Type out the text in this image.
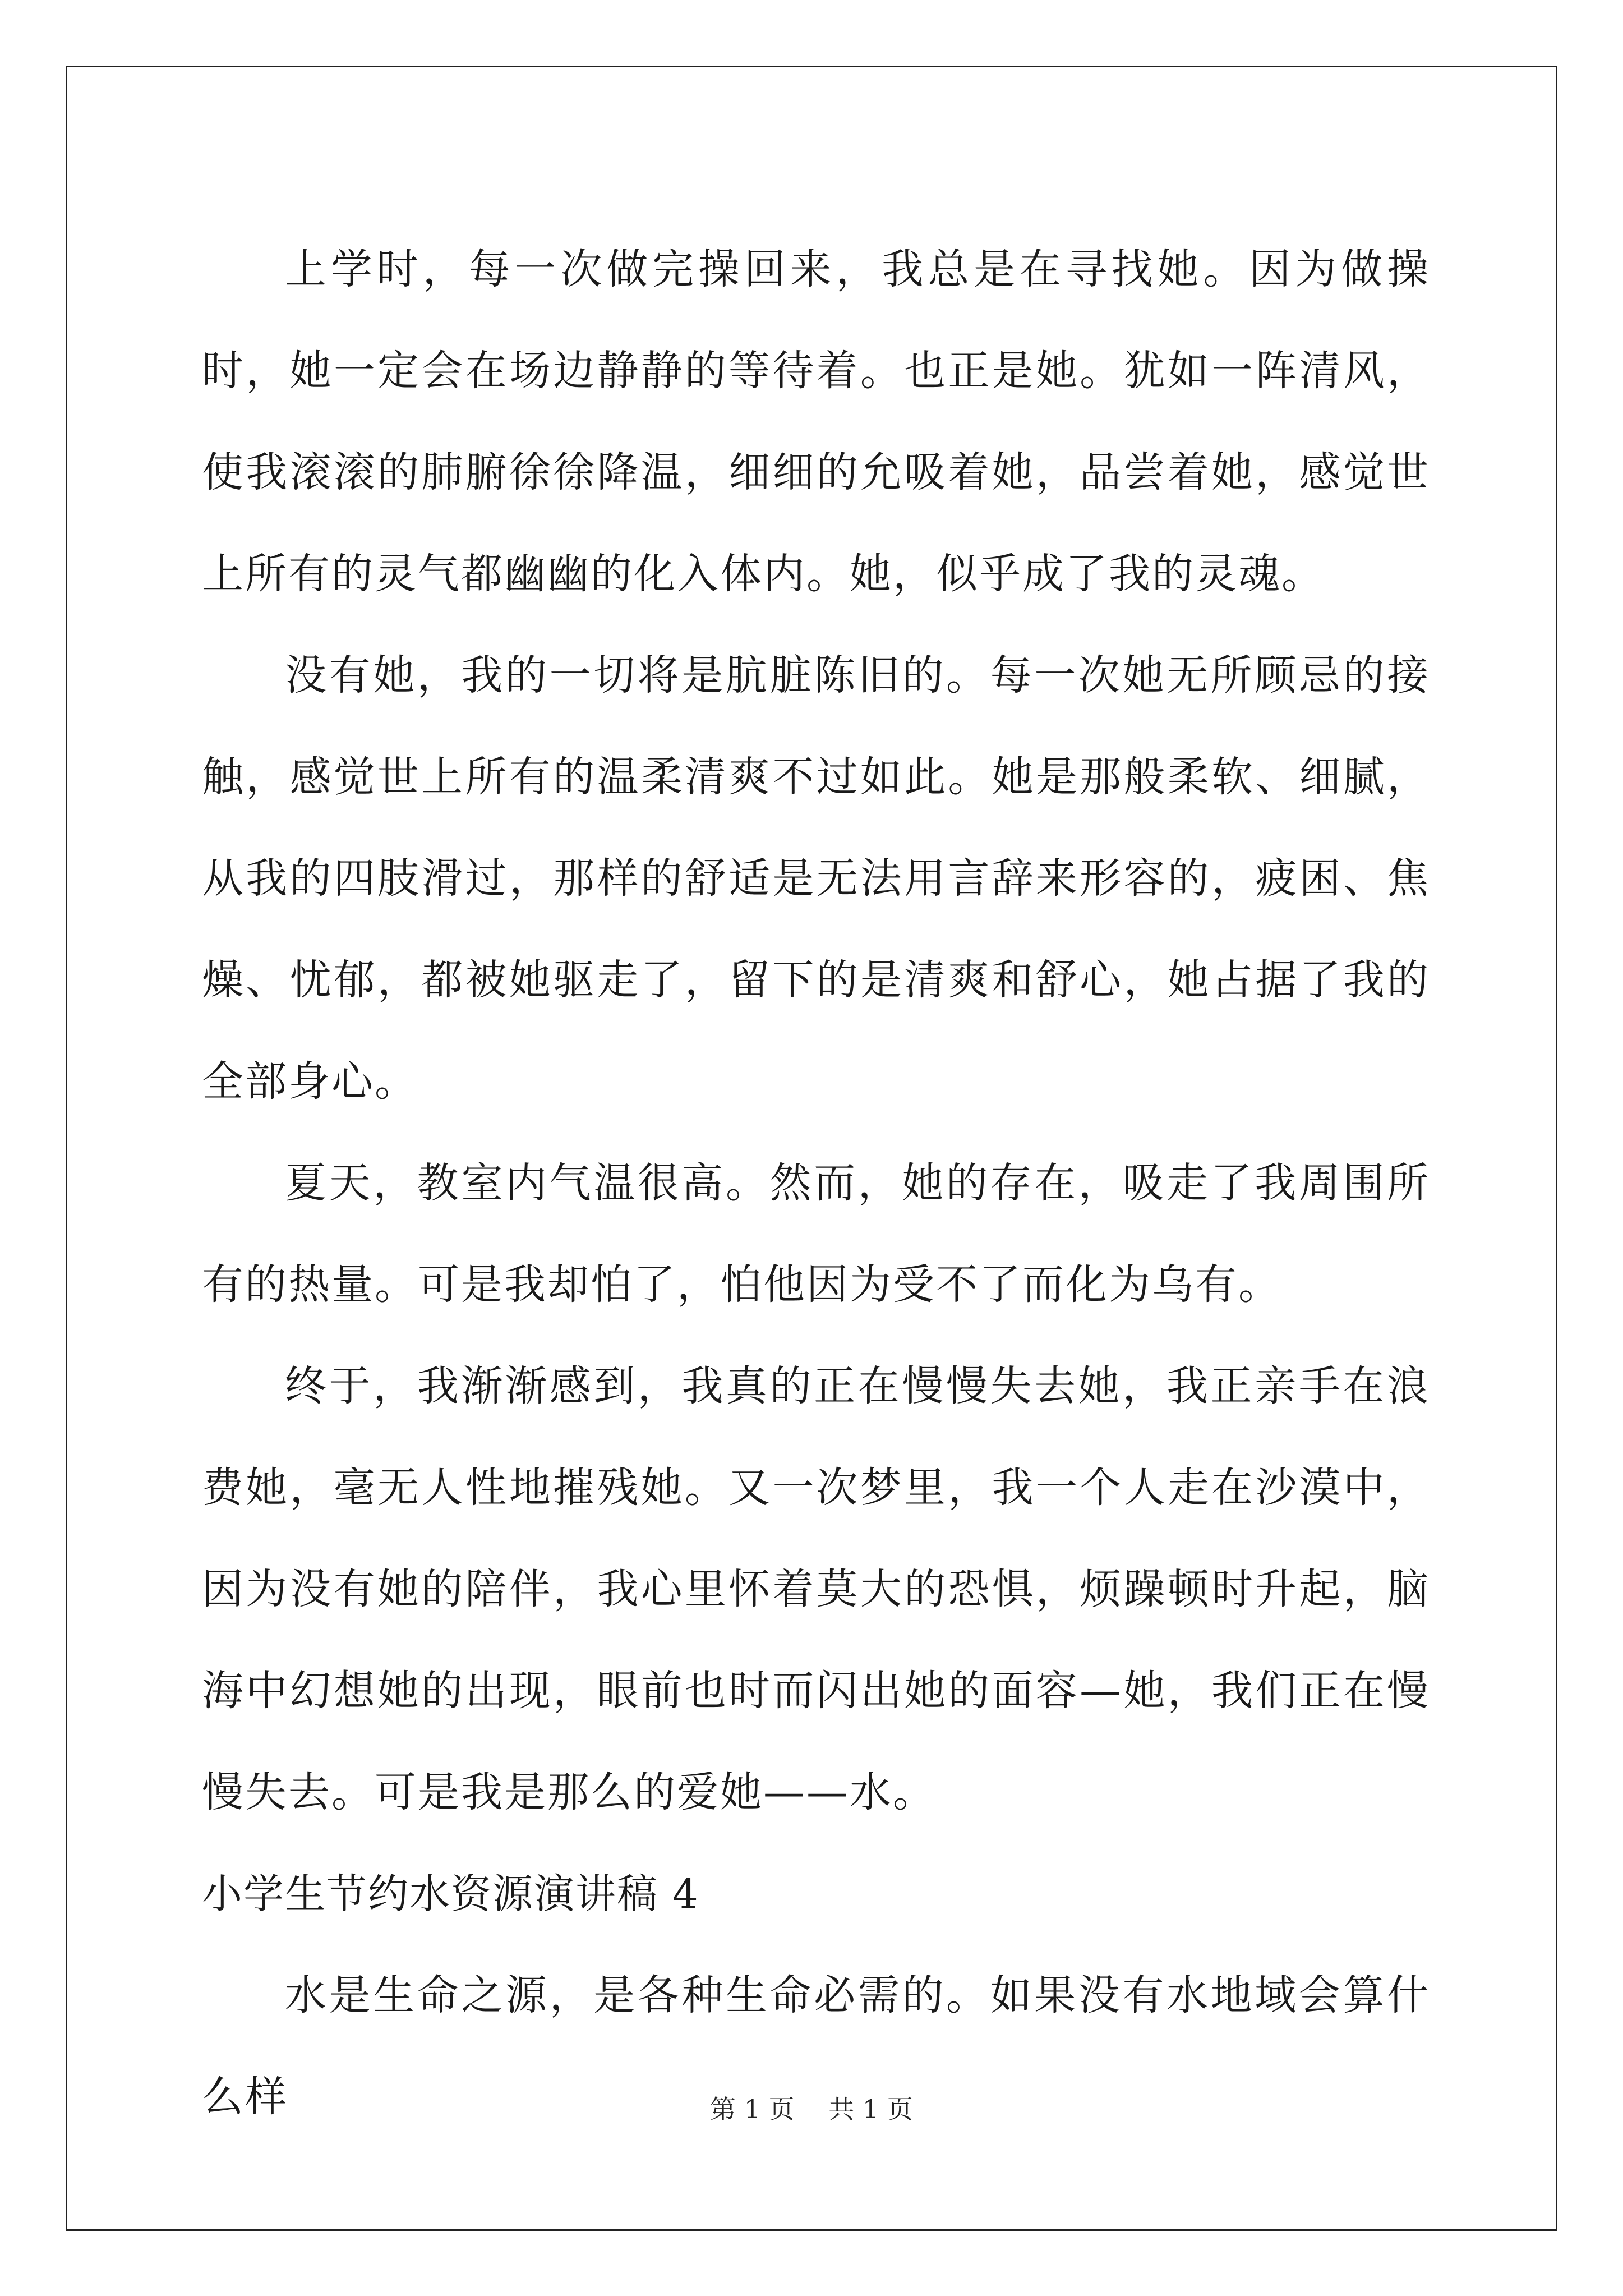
上学时，每一次做完操回来，我总是在寻找她。因为做操时，她一定会在场边静静的等待着。也正是她。犹如一阵清风，使我滚滚的肺腑徐徐降温，细细的允吸着她，品尝着她，感觉世上所有的灵气都幽幽的化入体内。她，似乎成了我的灵魂。

没有她，我的一切将是肮脏陈旧的。每一次她无所顾忌的接触，感觉世上所有的温柔清爽不过如此。她是那般柔软、细腻，从我的四肢滑过，那样的舒适是无法用言辞来形容的，疲困、焦燥、忧郁，都被她驱走了，留下的是清爽和舒心，她占据了我的全部身心。

夏天，教室内气温很高。然而，她的存在，吸走了我周围所有的热量。可是我却怕了，怕他因为受不了而化为乌有。

终于，我渐渐感到，我真的正在慢慢失去她，我正亲手在浪费她，毫无人性地摧残她。又一次梦里，我一个人走在沙漠中，因为没有她的陪伴，我心里怀着莫大的恐惧，烦躁顿时升起，脑海中幻想她的出现，眼前也时而闪出她的面容—她，我们正在慢慢失去。可是我是那么的爱她——水。

小学生节约水资源演讲稿 4

水是生命之源，是各种生命必需的。如果没有水地域会算什么样	第 1 页 共 1 页
